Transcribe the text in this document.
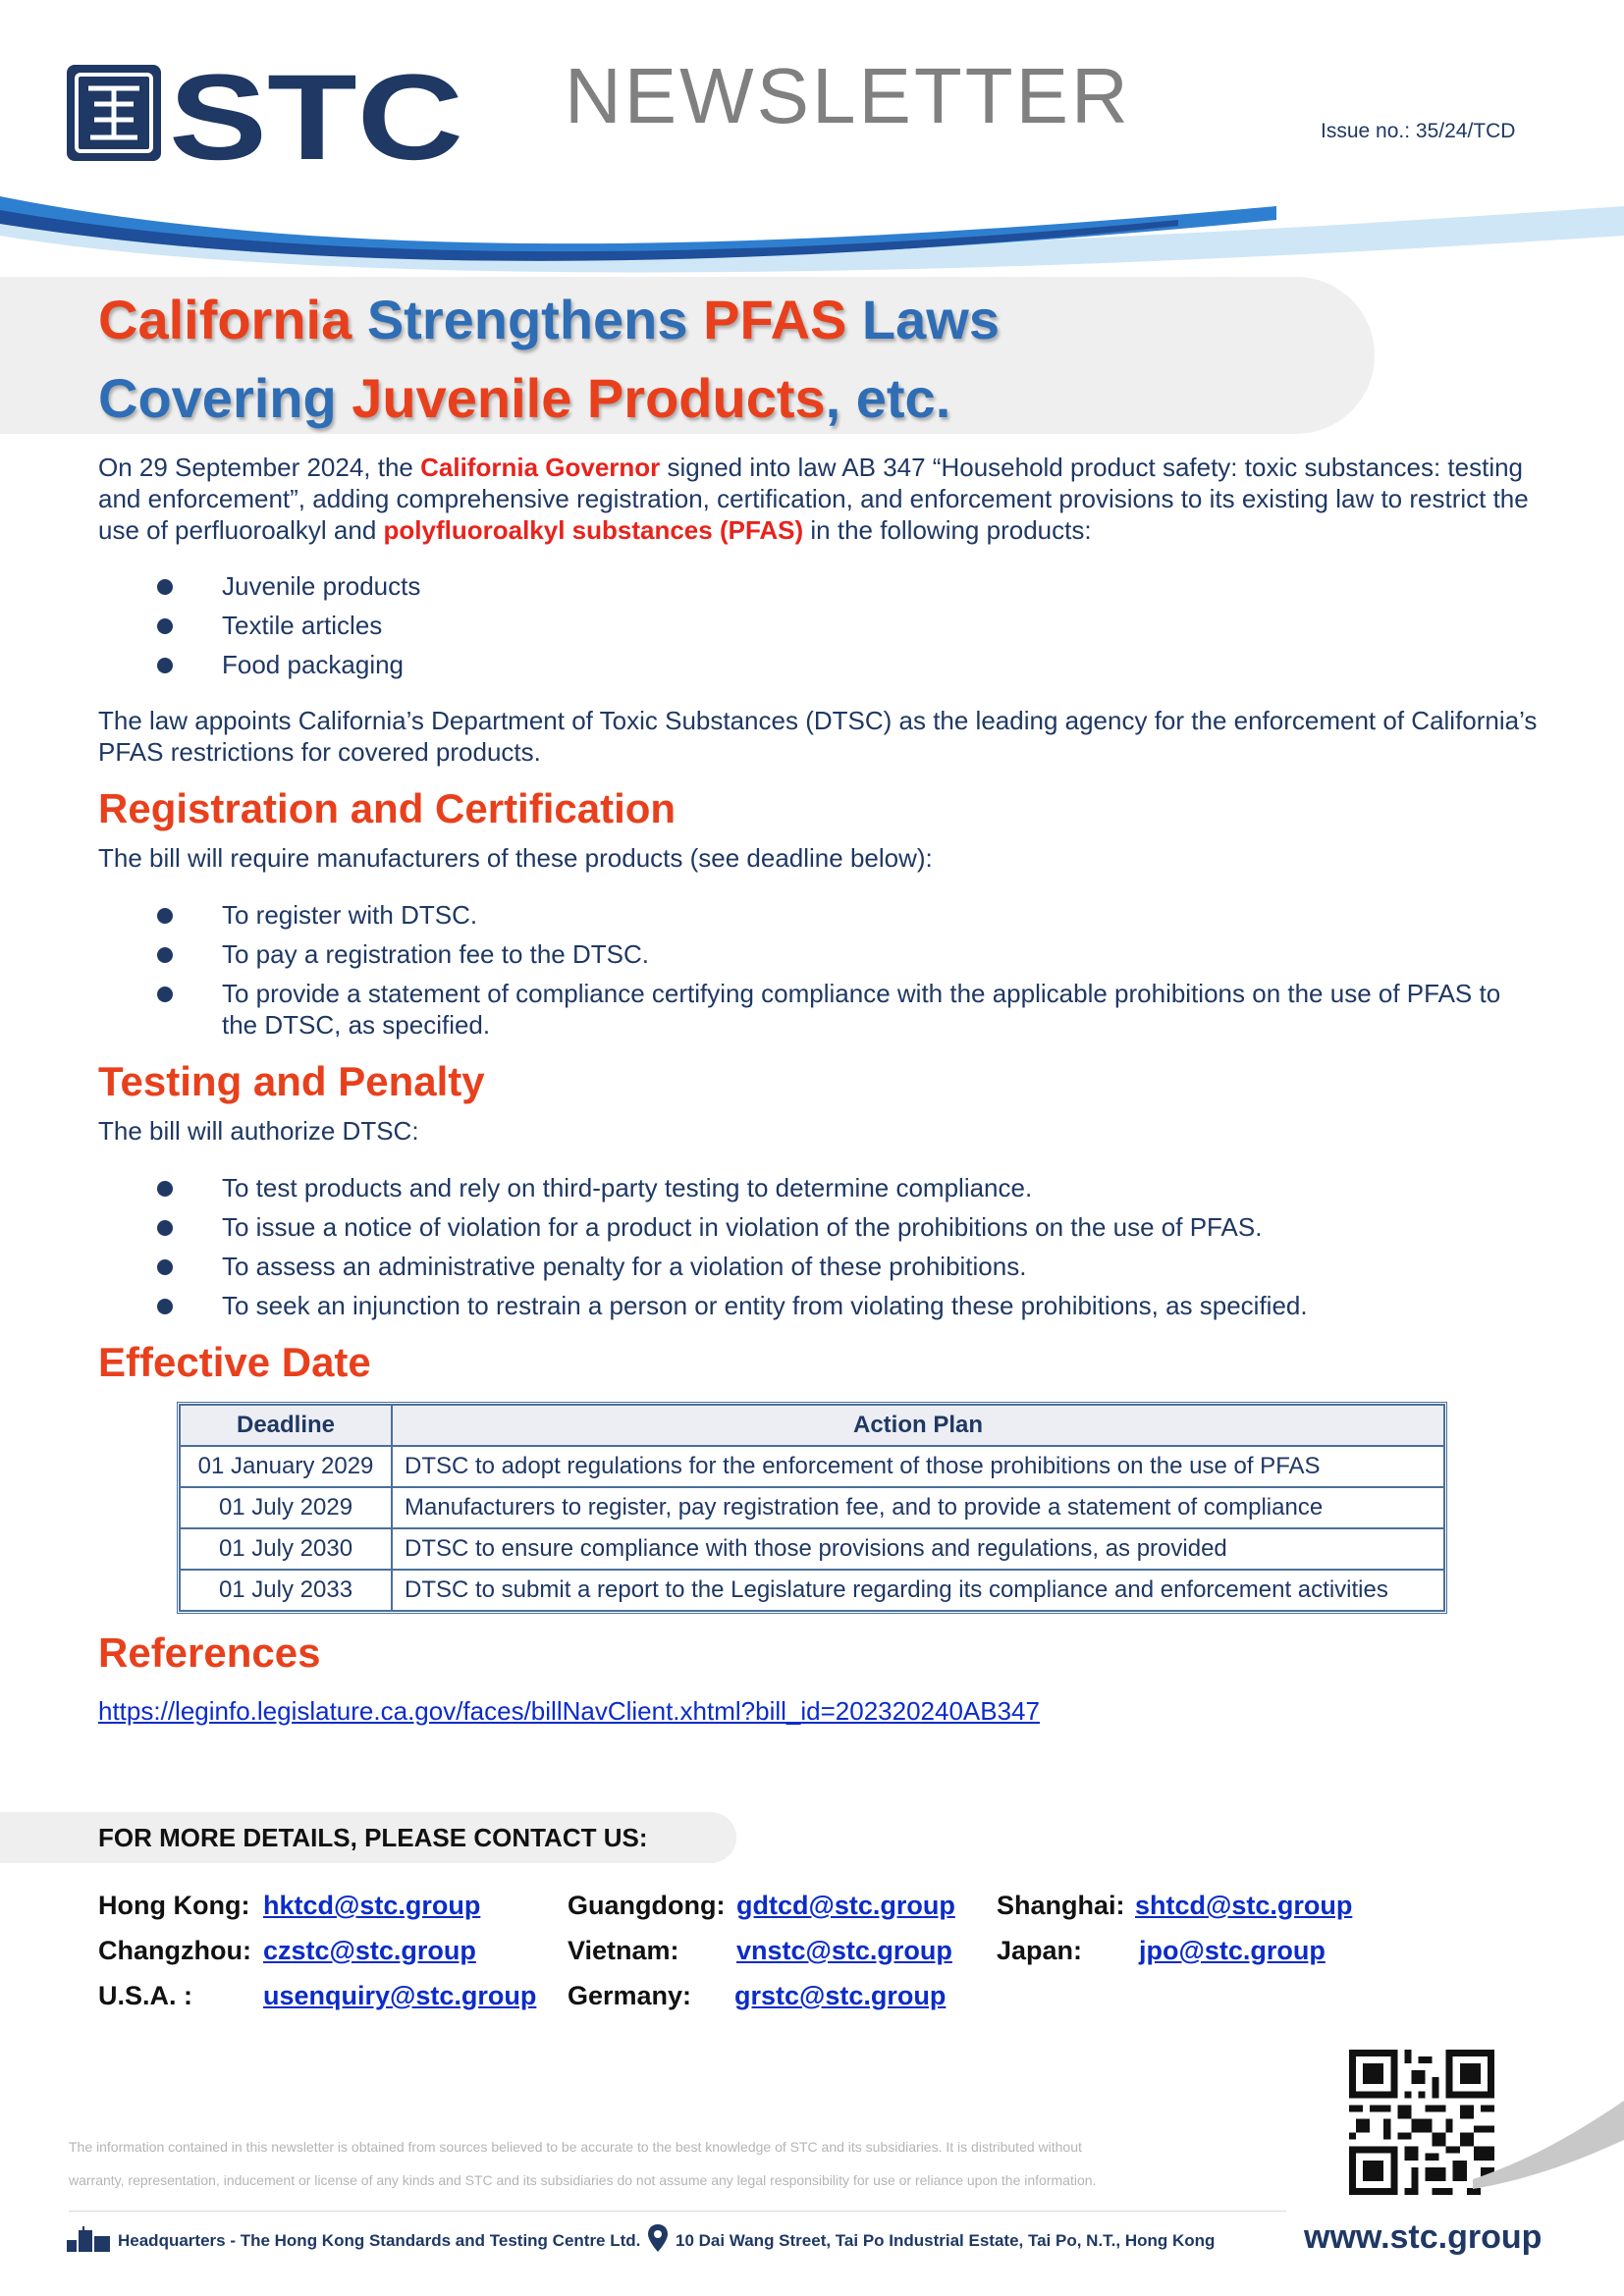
STC NEWSLETTER	Issue no.: 35/24/TCD
California Strengthens PFAS Laws
Covering Juvenile Products, etc.
On 29 September 2024, the California Governor signed into law AB 347 “Household product safety: toxic substances: testing and enforcement”, adding comprehensive registration, certification, and enforcement provisions to its existing law to restrict the use of perfluoroalkyl and polyfluoroalkyl substances (PFAS) in the following products:
Juvenile products
Textile articles
Food packaging
The law appoints California’s Department of Toxic Substances (DTSC) as the leading agency for the enforcement of California’s PFAS restrictions for covered products.
Registration and Certification
The bill will require manufacturers of these products (see deadline below):
To register with DTSC.
To pay a registration fee to the DTSC.
To provide a statement of compliance certifying compliance with the applicable prohibitions on the use of PFAS to the DTSC, as specified.
Testing and Penalty
The bill will authorize DTSC:
To test products and rely on third-party testing to determine compliance.
To issue a notice of violation for a product in violation of the prohibitions on the use of PFAS.
To assess an administrative penalty for a violation of these prohibitions.
To seek an injunction to restrain a person or entity from violating these prohibitions, as specified.
Effective Date
Deadline	Action Plan
01 January 2029	DTSC to adopt regulations for the enforcement of those prohibitions on the use of PFAS
01 July 2029	Manufacturers to register, pay registration fee, and to provide a statement of compliance
01 July 2030	DTSC to ensure compliance with those provisions and regulations, as provided
01 July 2033	DTSC to submit a report to the Legislature regarding its compliance and enforcement activities
References
https://leginfo.legislature.ca.gov/faces/billNavClient.xhtml?bill_id=202320240AB347
FOR MORE DETAILS, PLEASE CONTACT US:
Hong Kong: hktcd@stc.group	Guangdong: gdtcd@stc.group Shanghai: shtcd@stc.group
Changzhou: czstc@stc.group	Vietnam: vnstc@stc.group Japan: jpo@stc.group
U.S.A. :	usenquiry@stc.group Germany: grstc@stc.group
The information contained in this newsletter is obtained from sources believed to be accurate to the best knowledge of STC and its subsidiaries. It is distributed without
warranty, representation, inducement or license of any kinds and STC and its subsidiaries do not assume any legal responsibility for use or reliance upon the information.
Headquarters - The Hong Kong Standards and Testing Centre Ltd. 10 Dai Wang Street, Tai Po Industrial Estate, Tai Po, N.T., Hong Kong	www.stc.group
